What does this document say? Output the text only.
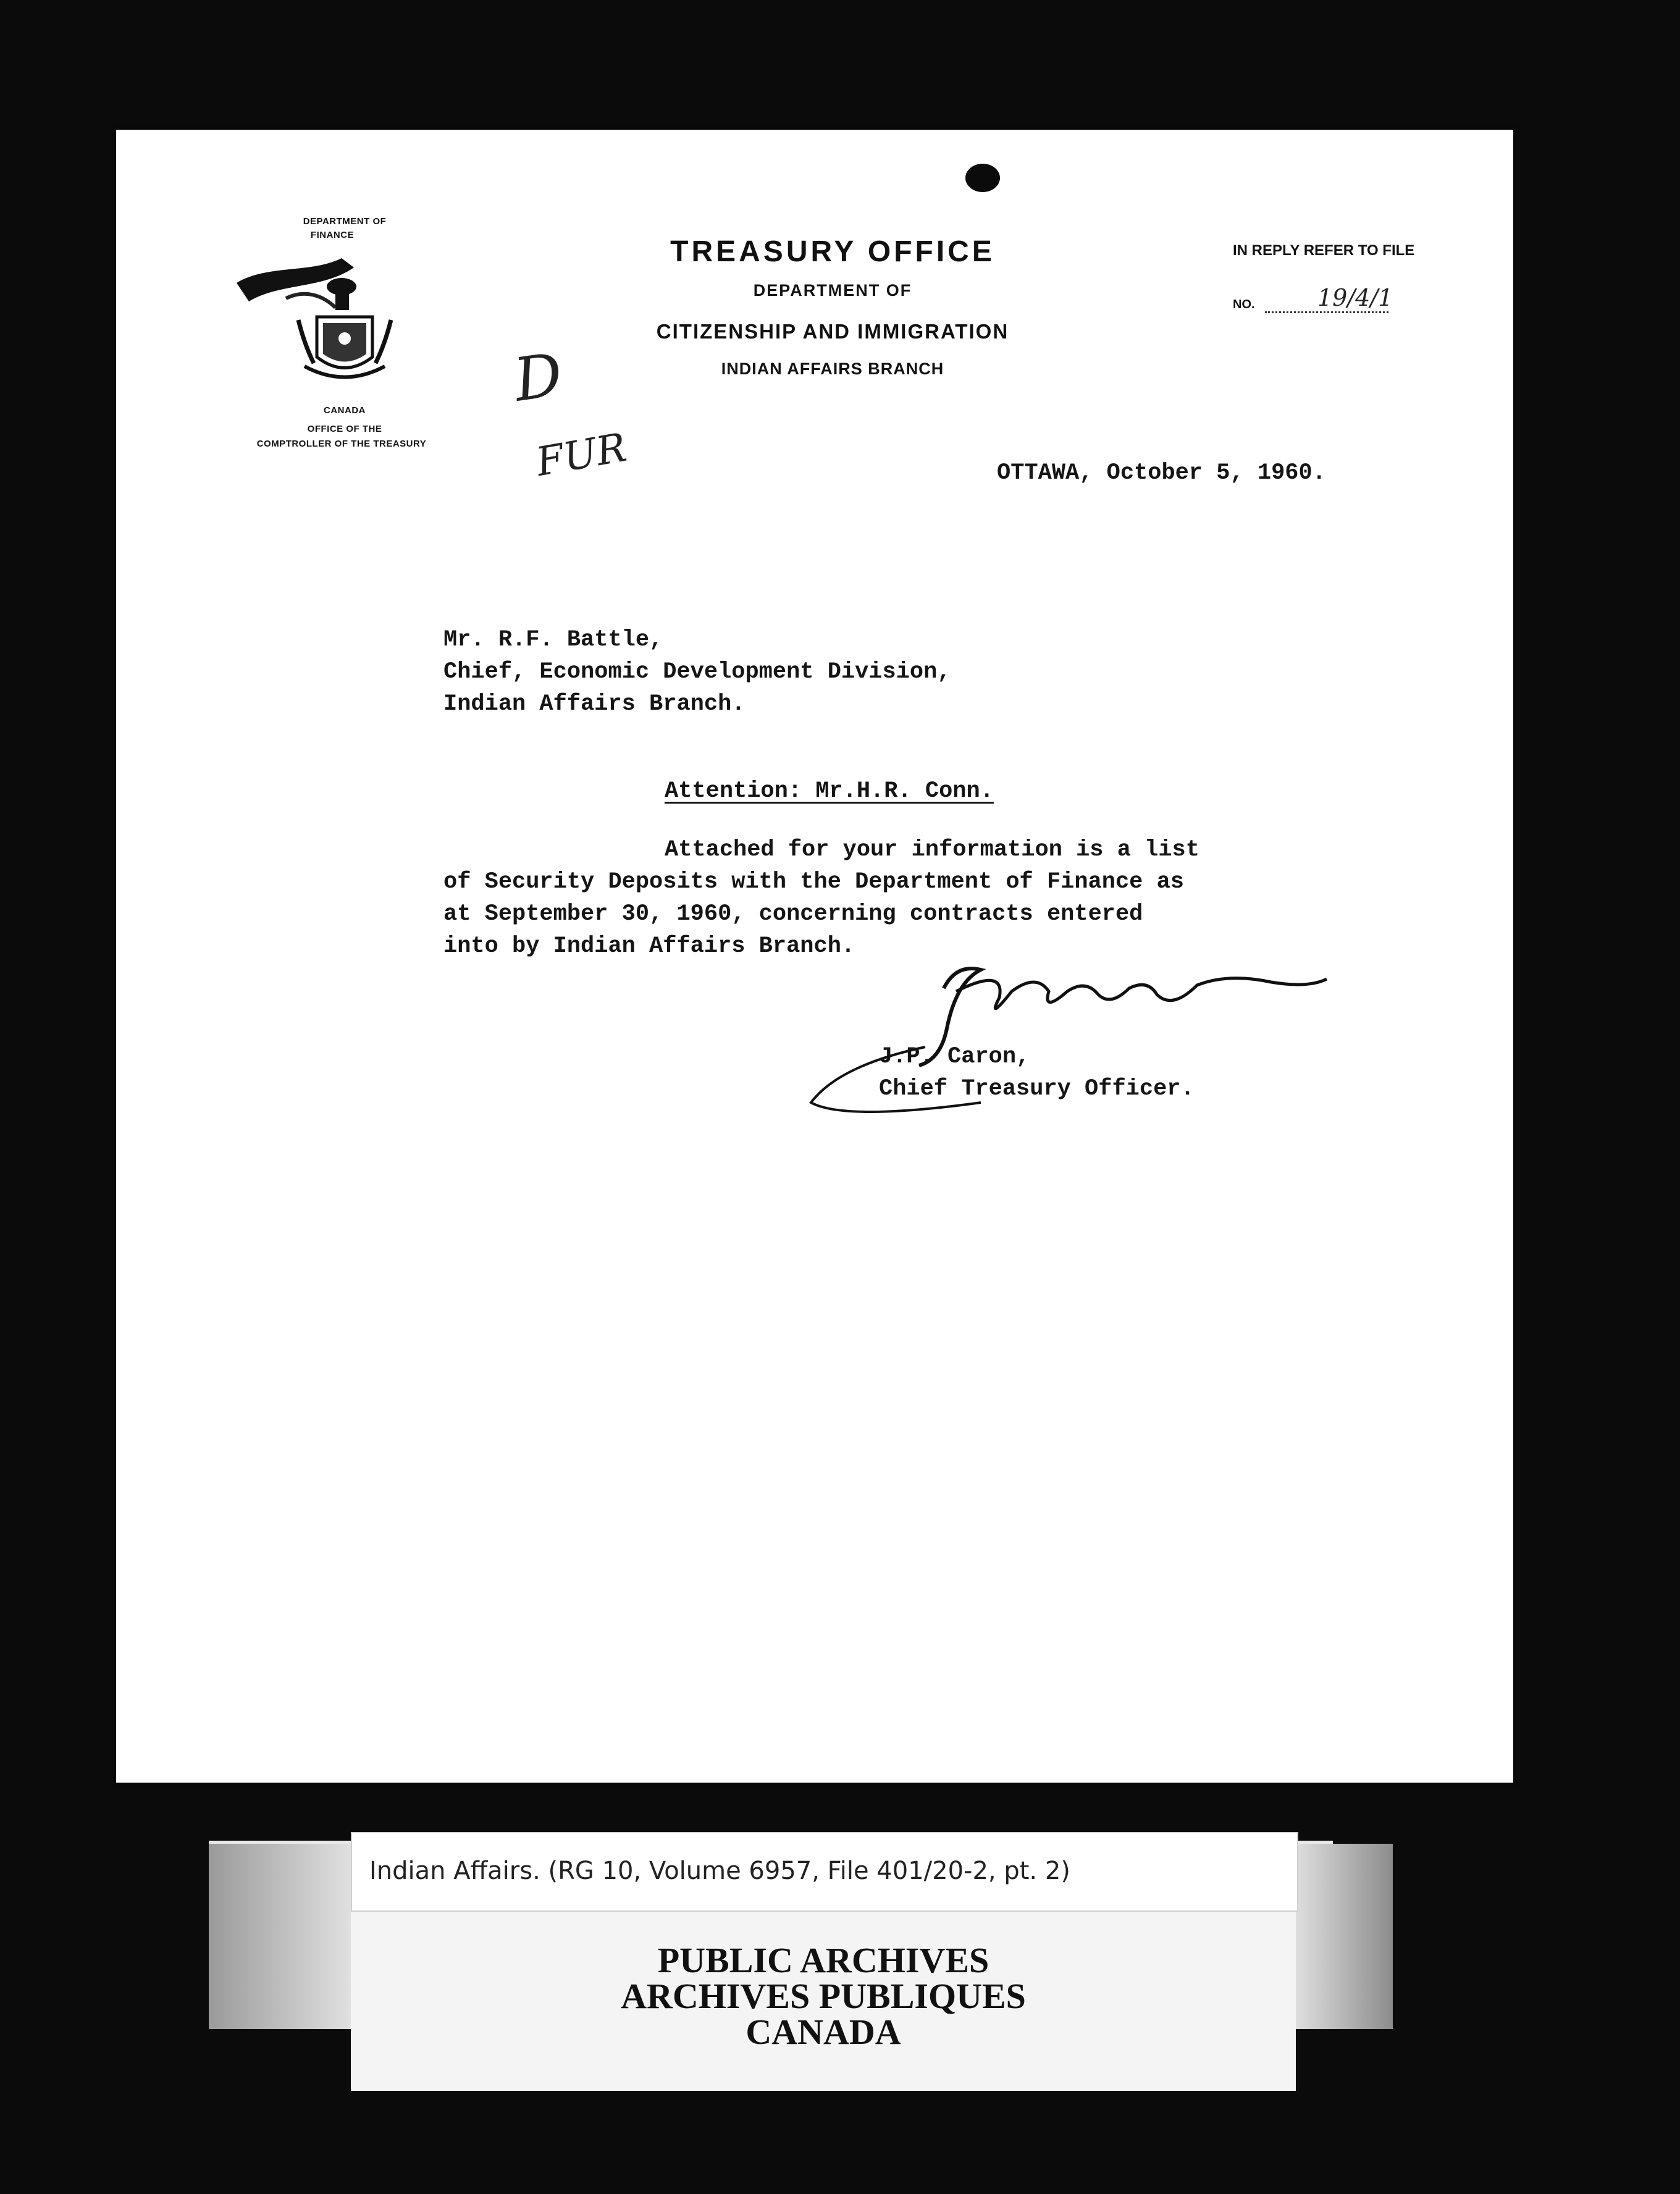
DEPARTMENT OF
FINANCE
CANADA
OFFICE OF THE
COMPTROLLER OF THE TREASURY
TREASURY OFFICE
DEPARTMENT OF
CITIZENSHIP AND IMMIGRATION
INDIAN AFFAIRS BRANCH
IN REPLY REFER TO FILE
NO.	19/4/1
D
FUR	OTTAWA, October 5, 1960.
Mr. R.F. Battle,
Chief, Economic Development Division,
Indian Affairs Branch.
Attention: Mr.H.R. Conn.
Attached for your information is a list
of Security Deposits with the Department of Finance as
at September 30, 1960, concerning contracts entered
into by Indian Affairs Branch.
J.P. Caron,
Chief Treasury Officer.
PUBLIC ARCHIVES
ARCHIVES PUBLIQUES
CANADA
Indian Affairs. (RG 10, Volume 6957, File 401/20-2, pt. 2)
